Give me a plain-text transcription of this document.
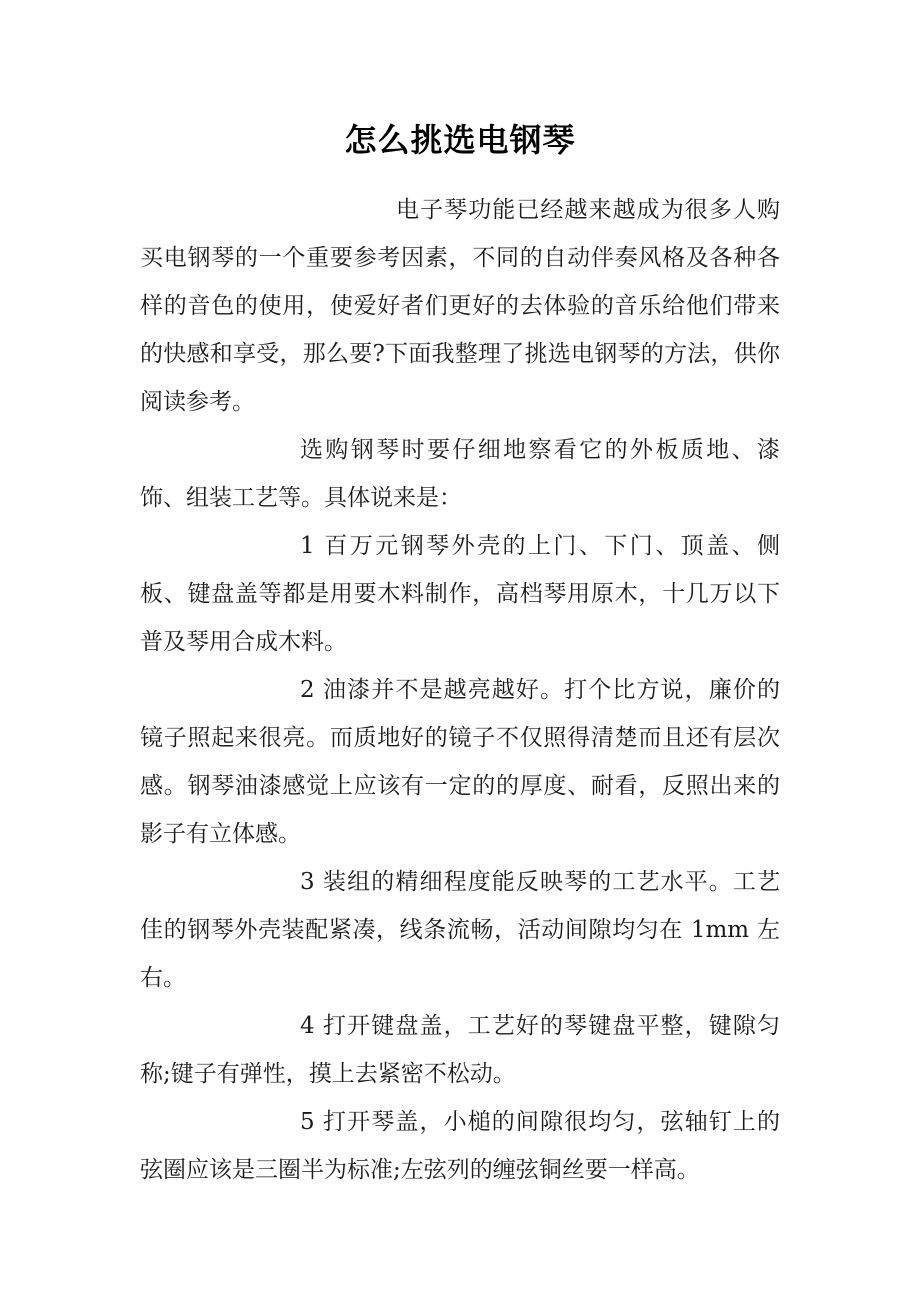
怎么挑选电钢琴

电子琴功能已经越来越成为很多人购买电钢琴的一个重要参考因素，不同的自动伴奏风格及各种各样的音色的使用，使爱好者们更好的去体验的音乐给他们带来的快感和享受，那么要?下面我整理了挑选电钢琴的方法，供你阅读参考。

选购钢琴时要仔细地察看它的外板质地、漆饰、组装工艺等。具体说来是：

1 百万元钢琴外壳的上门、下门、顶盖、侧板、键盘盖等都是用要木料制作，高档琴用原木，十几万以下普及琴用合成木料。

2 油漆并不是越亮越好。打个比方说，廉价的镜子照起来很亮。而质地好的镜子不仅照得清楚而且还有层次感。钢琴油漆感觉上应该有一定的的厚度、耐看，反照出来的影子有立体感。

3 装组的精细程度能反映琴的工艺水平。工艺佳的钢琴外壳装配紧凑，线条流畅，活动间隙均匀在 1mm 左右。

4 打开键盘盖，工艺好的琴键盘平整，键隙匀称;键子有弹性，摸上去紧密不松动。

5 打开琴盖，小槌的间隙很均匀，弦轴钉上的弦圈应该是三圈半为标准;左弦列的缠弦铜丝要一样高。
